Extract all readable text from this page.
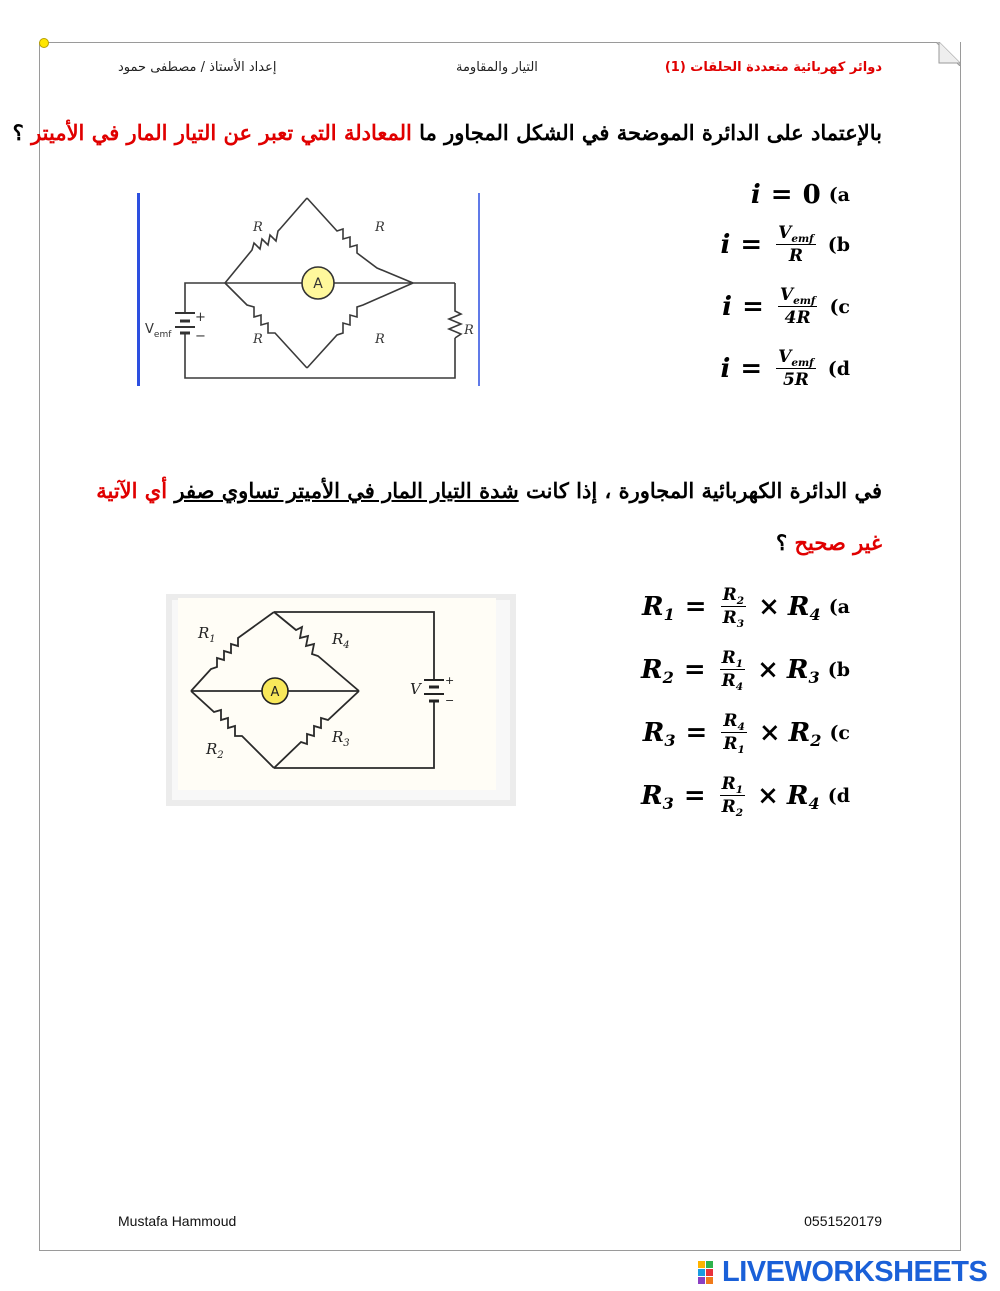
دوائر كهربائية متعددة الحلقات (1)
التيار والمقاومة
إعداد الأستاذ / مصطفى حمود
بالإعتماد على الدائرة الموضحة في الشكل المجاور ما المعادلة التي تعبر عن التيار المار في الأميتر ؟
+
−
$V_{emf}$
A
R	R
R	R
R
(a
i = 0
(b
$i = \frac{V_{emf}}{R}$
(c
$i = \frac{V_{emf}}{4R}$
(d
$i = \frac{V_{emf}}{5R}$
في الدائرة الكهربائية المجاورة ، إذا كانت شدة التيار المار في الأميتر تساوي صفر أي الآتية
غير صحيح ؟
+
−
V
A
$R_1$	$R_4$
$R_2$
$R_3$
(a
$R_1 = \frac{R_2}{R_3} \times R_4$
(b
$R_2 = \frac{R_1}{R_4} \times R_3$
(c
$R_3 = \frac{R_4}{R_1} \times R_2$
(d
$R_3 = \frac{R_1}{R_2} \times R_4$
Mustafa Hammoud	0551520179
LIVEWORKSHEETS
